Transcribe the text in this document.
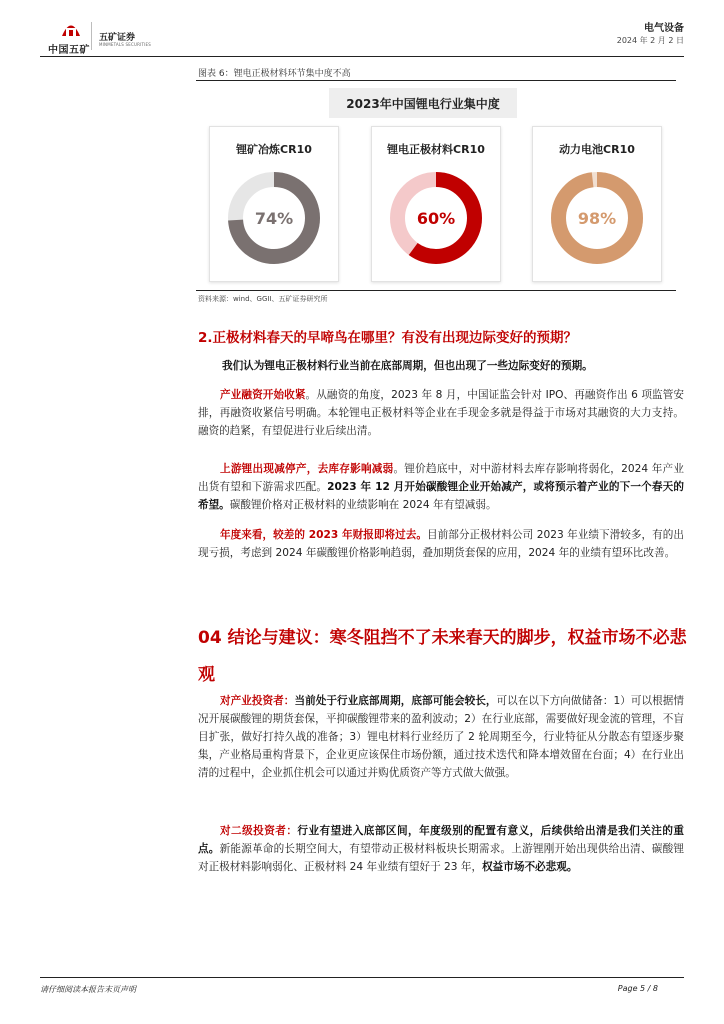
中国五矿
五矿证券
MINMETALS SECURITIES
电气设备
2024 年 2 月 2 日
图表 6：锂电正极材料环节集中度不高
2023年中国锂电行业集中度
锂矿冶炼CR10
74%
锂电正极材料CR10
60%
动力电池CR10
98%
资料来源：wind、GGII、五矿证券研究所
2.正极材料春天的早啼鸟在哪里？有没有出现边际变好的预期？
我们认为锂电正极材料行业当前在底部周期，但也出现了一些边际变好的预期。
产业融资开始收紧。从融资的角度，2023 年 8 月，中国证监会针对 IPO、再融资作出 6 项监管安排，再融资收紧信号明确。本轮锂电正极材料等企业在手现金多就是得益于市场对其融资的大力支持。融资的趋紧，有望促进行业后续出清。
上游锂出现减停产，去库存影响减弱。锂价趋底中，对中游材料去库存影响将弱化，2024 年产业出货有望和下游需求匹配。2023 年 12 月开始碳酸锂企业开始减产，或将预示着产业的下一个春天的希望。碳酸锂价格对正极材料的业绩影响在 2024 年有望减弱。
年度来看，较差的 2023 年财报即将过去。目前部分正极材料公司 2023 年业绩下滑较多，有的出现亏损，考虑到 2024 年碳酸锂价格影响趋弱，叠加期货套保的应用，2024 年的业绩有望环比改善。
04 结论与建议：寒冬阻挡不了未来春天的脚步，权益市场不必悲观
对产业投资者：当前处于行业底部周期，底部可能会较长，可以在以下方向做储备：1）可以根据情况开展碳酸锂的期货套保，平抑碳酸锂带来的盈利波动；2）在行业底部，需要做好现金流的管理，不盲目扩张，做好打持久战的准备；3）锂电材料行业经历了 2 轮周期至今，行业特征从分散态有望逐步聚集，产业格局重构背景下，企业更应该保住市场份额，通过技术迭代和降本增效留在台面；4）在行业出清的过程中，企业抓住机会可以通过并购优质资产等方式做大做强。
对二级投资者：行业有望进入底部区间，年度级别的配置有意义，后续供给出清是我们关注的重点。新能源革命的长期空间大，有望带动正极材料板块长期需求。上游锂刚开始出现供给出清、碳酸锂对正极材料影响弱化、正极材料 24 年业绩有望好于 23 年，权益市场不必悲观。
请仔细阅读本报告末页声明	Page 5 / 8
